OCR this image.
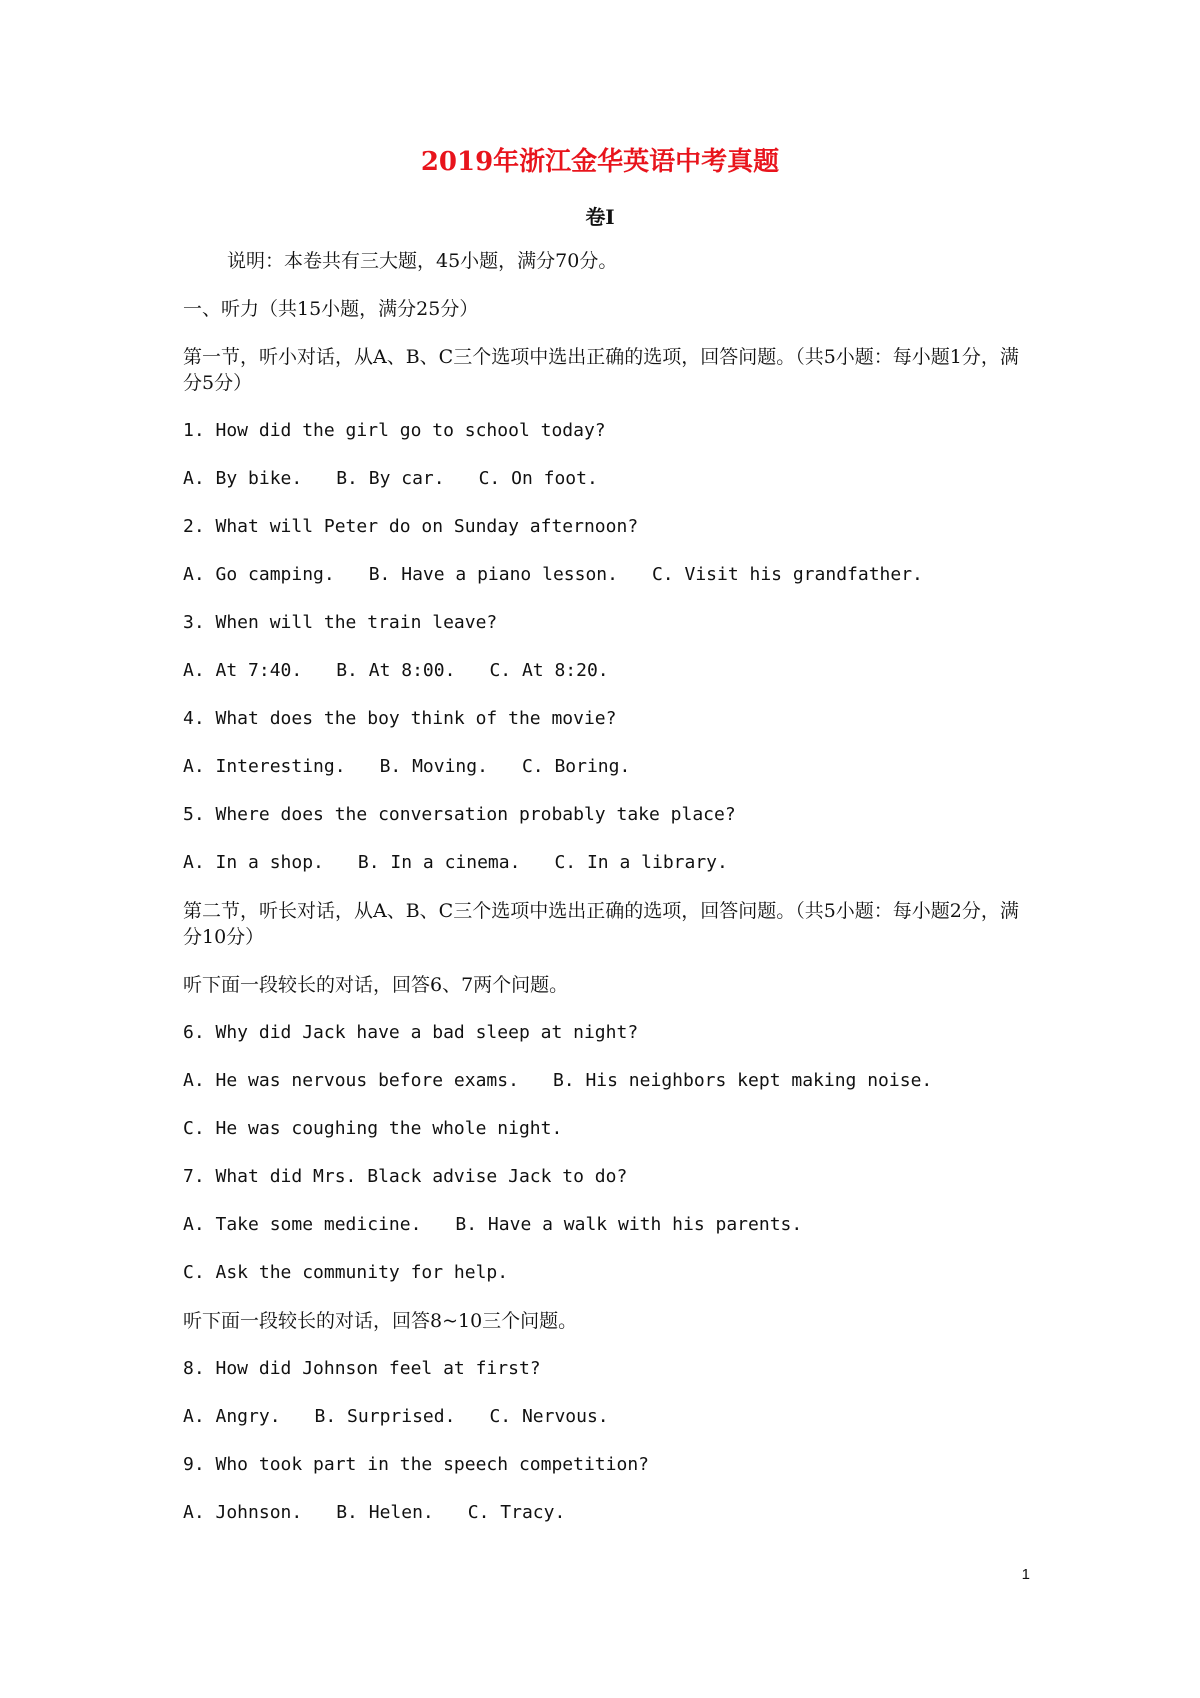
2019年浙江金华英语中考真题
卷Ⅰ

说明：本卷共有三大题，45小题，满分70分。

一、听力（共15小题，满分25分）

第一节，听小对话，从A、B、C三个选项中选出正确的选项，回答问题。（共5小题：每小题1分，满分5分）

1. How did the girl go to school today?

A. By bike. B. By car. C. On foot.

2. What will Peter do on Sunday afternoon?

A. Go camping. B. Have a piano lesson. C. Visit his grandfather.

3. When will the train leave?

A. At 7:40. B. At 8:00. C. At 8:20.

4. What does the boy think of the movie?

A. Interesting. B. Moving. C. Boring.

5. Where does the conversation probably take place?

A. In a shop. B. In a cinema. C. In a library.

第二节，听长对话，从A、B、C三个选项中选出正确的选项，回答问题。（共5小题：每小题2分，满分10分）

听下面一段较长的对话，回答6、7两个问题。

6. Why did Jack have a bad sleep at night?

A. He was nervous before exams. B. His neighbors kept making noise.

C. He was coughing the whole night.

7. What did Mrs. Black advise Jack to do?

A. Take some medicine. B. Have a walk with his parents.

C. Ask the community for help.

听下面一段较长的对话，回答8~10三个问题。

8. How did Johnson feel at first?

A. Angry. B. Surprised. C. Nervous.

9. Who took part in the speech competition?

A. Johnson. B. Helen. C. Tracy.

1
